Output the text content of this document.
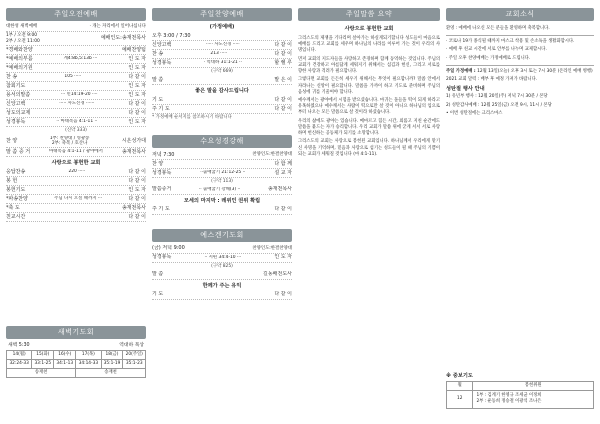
주일오전예배
대한성 새벽예배	· 개는 자리에서 일어나십니다
1부 / 오전 9:00
2부 / 오전 11:00	예배인도:송재천목사
*경배와찬양	예배찬양팀
*예배의부름	계4:8b,5:13b ···	인 도 자
*예배의기원	인 도 자
찬 송	105 ·····	다 같 이
참회기도	인 도 자
용서의말씀	··· 민14:19-20 ····	인 도 자
신앙고백	····· 사도신경 ······	다 같 이
성도의교제	다 같 이
성경봉독	·· 마태복음 4:1-11 ··	인 도 자
(신약 333)
찬 양	1부: 찬양대 / 영광송
2부: 축복 / 호산나	시온성가대
말 씀 증 거	마태복음 4:1-11 / 광야에서	송재천목사
사랑으로 봉헌한 교회
응답찬송	220 ·····	다 같 이
봉 헌	다 같 이
봉헌기도	인 도 자
*파송찬양	주님 다시 오실 때까지 ···	다 같 이
*축 도	송재천목사
친교시간	다 같 이
새벽기도회
새벽 5:30	역대하 묵상
14(월)	15(화)	16(수)	17(목)	18(금)	20(주일)
32:24-33	33:1-25	34:1-13	34:14-33	35:1-19	35:1-23
송재천			송재천		
주일찬양예배
(가정예배)
오후 3:00 / 7:30
신앙고백	····· 사도신경 ·····	다 같 이
찬 송	213 ·····	다 같 이
성경봉독	· 역대하 31:1-21 ··	할 렐 루
(구약 669)
말 씀	말 은 이
좋은 말을 감사드립니다
기 도	다 같 이
주 기 도	다 같 이
* 가정예배 순서지를 참조하시기 바랍니다
수요성경강해
저녁 7:30	찬양인도:한결찬양대
찬 양	다 함 께
성경봉독	··출애굽기 21:12-25 ··	설 교 자
(구약 113)
말씀증거	·· 출애굽기 강해(3) ··	송재천목사
모세의 마지막 : 레위인 권위 확립
주 기 도	다 같 이
예스겐기도회
(금) 저녁 9:00	찬양인도:한결찬양대
성경봉독	·· 시편 34:4-10 ···	인 도 자
(구약 825)
말 씀	길동배전도사
한께가 주는 유익
기 도	다 같 이
주일말씀 요약
사랑으로 봉헌한 교회
그리스도의 제쟁을 기다리며 살아가는 하실게되기합니다 성도들이 마음으로 예배를 드리고 교회를 세우며 하나님의 나라를 이루어 가는 것이 우리의 사명입니다.
먼저 교회의 지도자들을 사랑하고 존경하며 함께 동역하는 것입니다. 주님의 교회가 건강하고 아름답게 세워지기 위해서는 섬김과 헌신, 그리고 서로를 향한 사랑과 격려가 필요합니다.
그렇다면 교회를 든든히 세우기 위해서는 무엇이 필요합니까? 말씀 안에서 자라나는 신앙이 필요합니다. 말씀을 가까이 하고 기도로 준비하며 주님의 음성에 귀를 기울여야 합니다.
예수께서는 광야에서 시험을 받으셨습니다. 마귀는 돌들을 떡이 되게 하라고 유혹하였으나 예수께서는 사람이 떡으로만 살 것이 아니요 하나님의 입으로부터 나오는 모든 말씀으로 살 것이라 하셨습니다.
우리의 삶에도 광야는 있습니다. 메마르고 힘든 시간, 외롭고 지친 순간에도 말씀을 붙드는 자가 승리합니다. 우리 교회가 말씀 위에 굳게 서서 서로 사랑하며 헌신하는 공동체가 되기를 소망합니다.
그리스도의 교회는 사랑으로 봉헌된 교회입니다. 하나님께서 우리에게 맡기신 사명을 기억하며, 믿음과 사랑으로 섬기는 성도들이 될 때 주님의 기쁨이 되는 교회가 세워질 것입니다 (마 4:1-11).
교회소식
환영 : 예배에 나오신 모든 분들을 환영하며 축복합니다.
· 코로나 19가 종식될 때까지 마스크 착용 및 손소독을 생활화합시다.
· 예배 후 친교 시간에 서로 안부를 나누며 교제합시다.
· 주일 오후 찬양예배는 가정예배로 드립니다.
주일 가정예배 : 12월 13일(오늘) 오후 3시 또는 7시 30분 (온라인 예배 병행)
2021 교회 달력 : 배부 후 예정 가져가 바랍니다.
성탄절 행사 안내
1) 유년부 행사 : 12월 20일(주) 저녁 7시 30분 / 본당
2) 성탄감사예배 : 12월 25일(금) 오전 9시, 11시 / 본당
• 이번 성탄절에는 크리스마스
※ 중보기도
월	봉헌위원
12	1부 : 김계기 한영규 조세균 이정희
2부 : 운동희 정승철 이광석 조나은
